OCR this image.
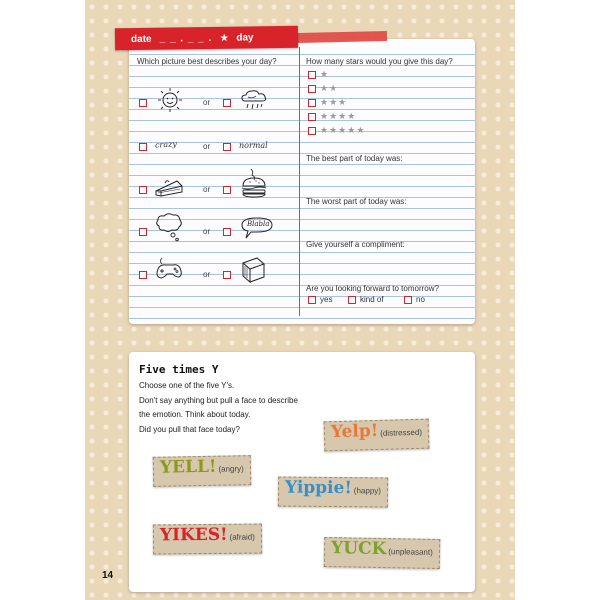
Which picture best describes your day?
or
crazy	or	normal
or
or
Blabla
or
How many stars would you give this day?
★
★★
★★★
★★★★
★★★★★
The best part of today was:
The worst part of today was:
Give yourself a compliment:
Are you looking forward to tomorrow?
yes	kind of	no
date _ _ . _ _ . ★ day
Five times Y
Choose one of the five Y's.
Don't say anything but pull a face to describe
the emotion. Think about today.
Did you pull that face today?	Yelp! (distressed)
YELL! (angry)
Yippie! (happy)
YIKES! (afraid)
YUCK (unpleasant)
14
